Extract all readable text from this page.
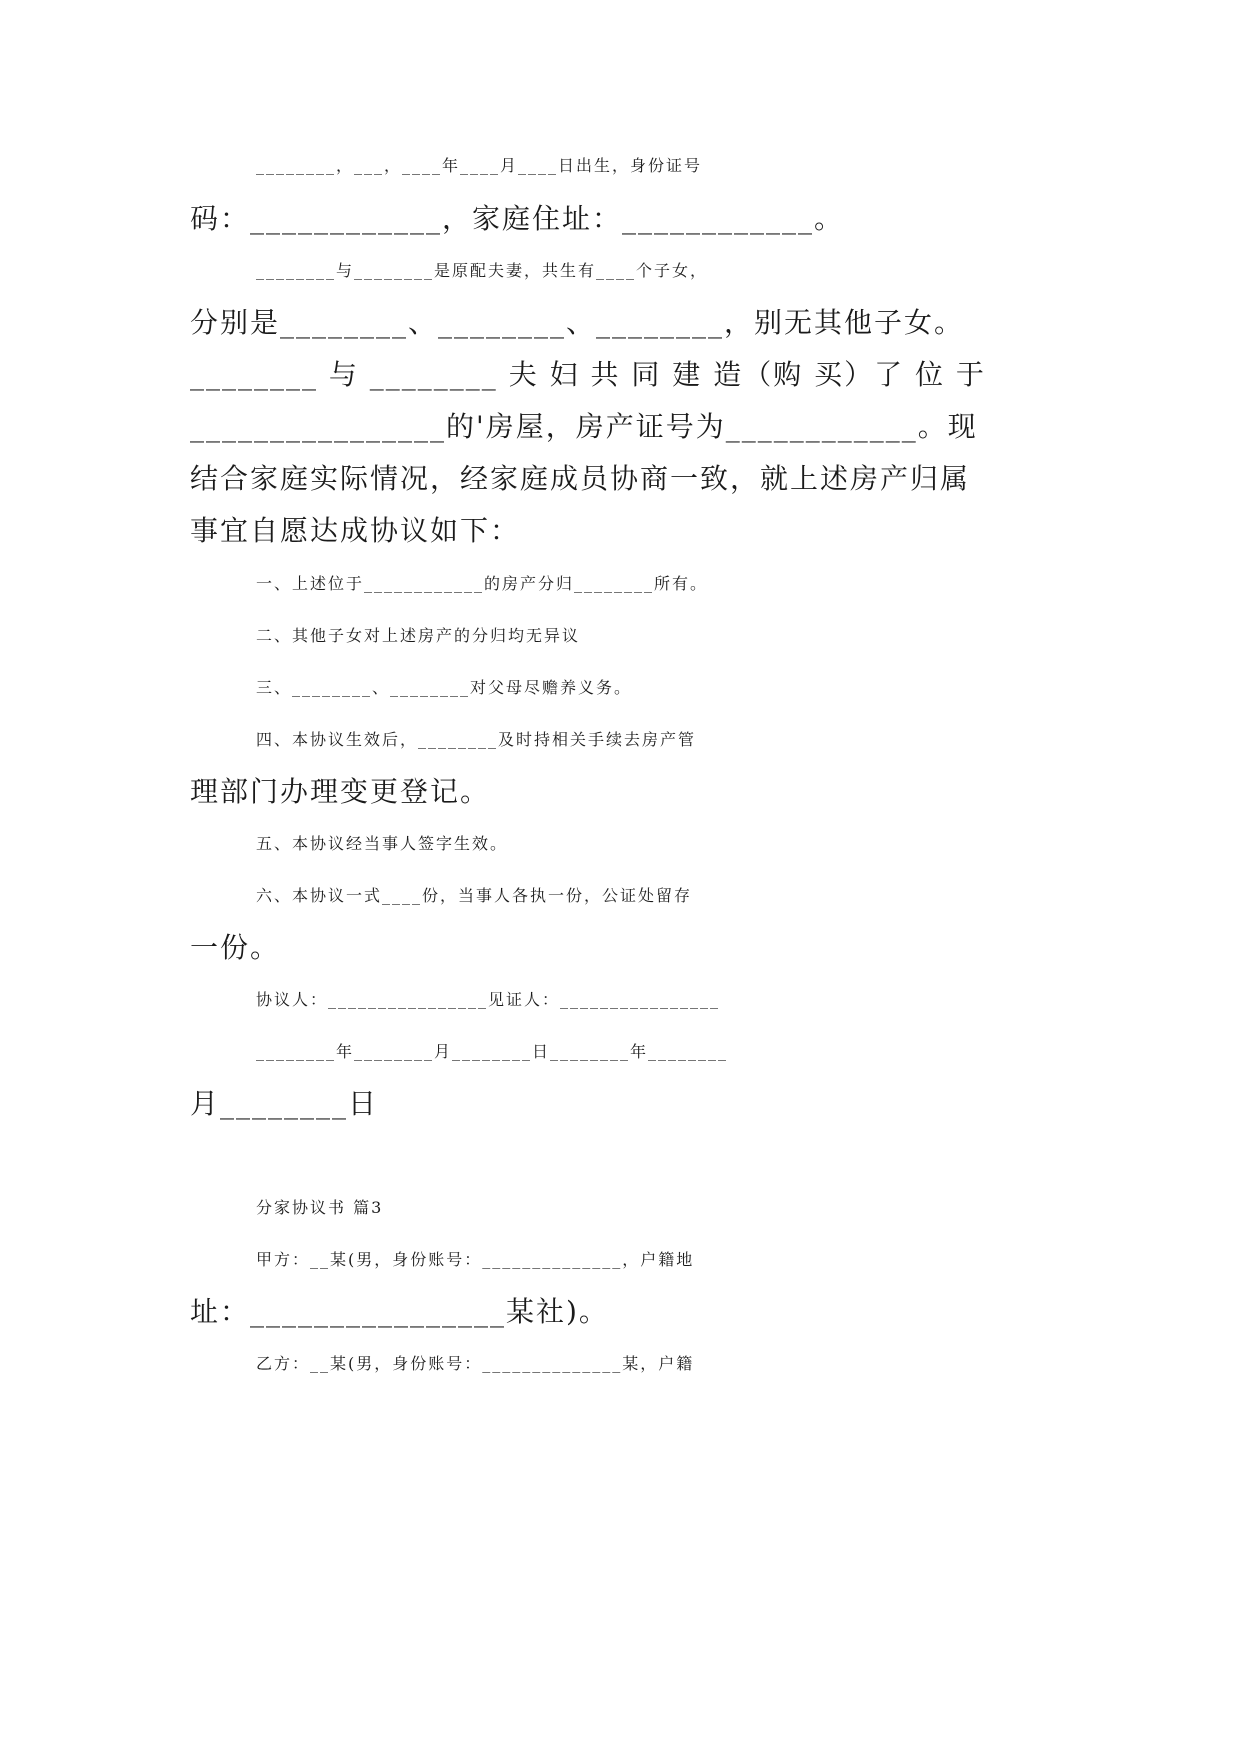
________，___，____年____月____日出生，身份证号
码：____________，家庭住址：____________。
________与________是原配夫妻，共生有____个子女，
分别是________、________、________，别无其他子女。
________ 与 ________ 夫 妇 共 同 建 造（购 买）了 位 于
________________的'房屋，房产证号为____________。现
结合家庭实际情况，经家庭成员协商一致，就上述房产归属
事宜自愿达成协议如下：
一、上述位于____________的房产分归________所有。
二、其他子女对上述房产的分归均无异议
三、________、________对父母尽赡养义务。
四、本协议生效后，________及时持相关手续去房产管
理部门办理变更登记。
五、本协议经当事人签字生效。
六、本协议一式____份，当事人各执一份，公证处留存
一份。
协议人：________________见证人：________________
________年________月________日________年________
月________日
分家协议书 篇3
甲方：__某(男，身份账号：______________，户籍地
址：________________某社)。
乙方：__某(男，身份账号：______________某，户籍
